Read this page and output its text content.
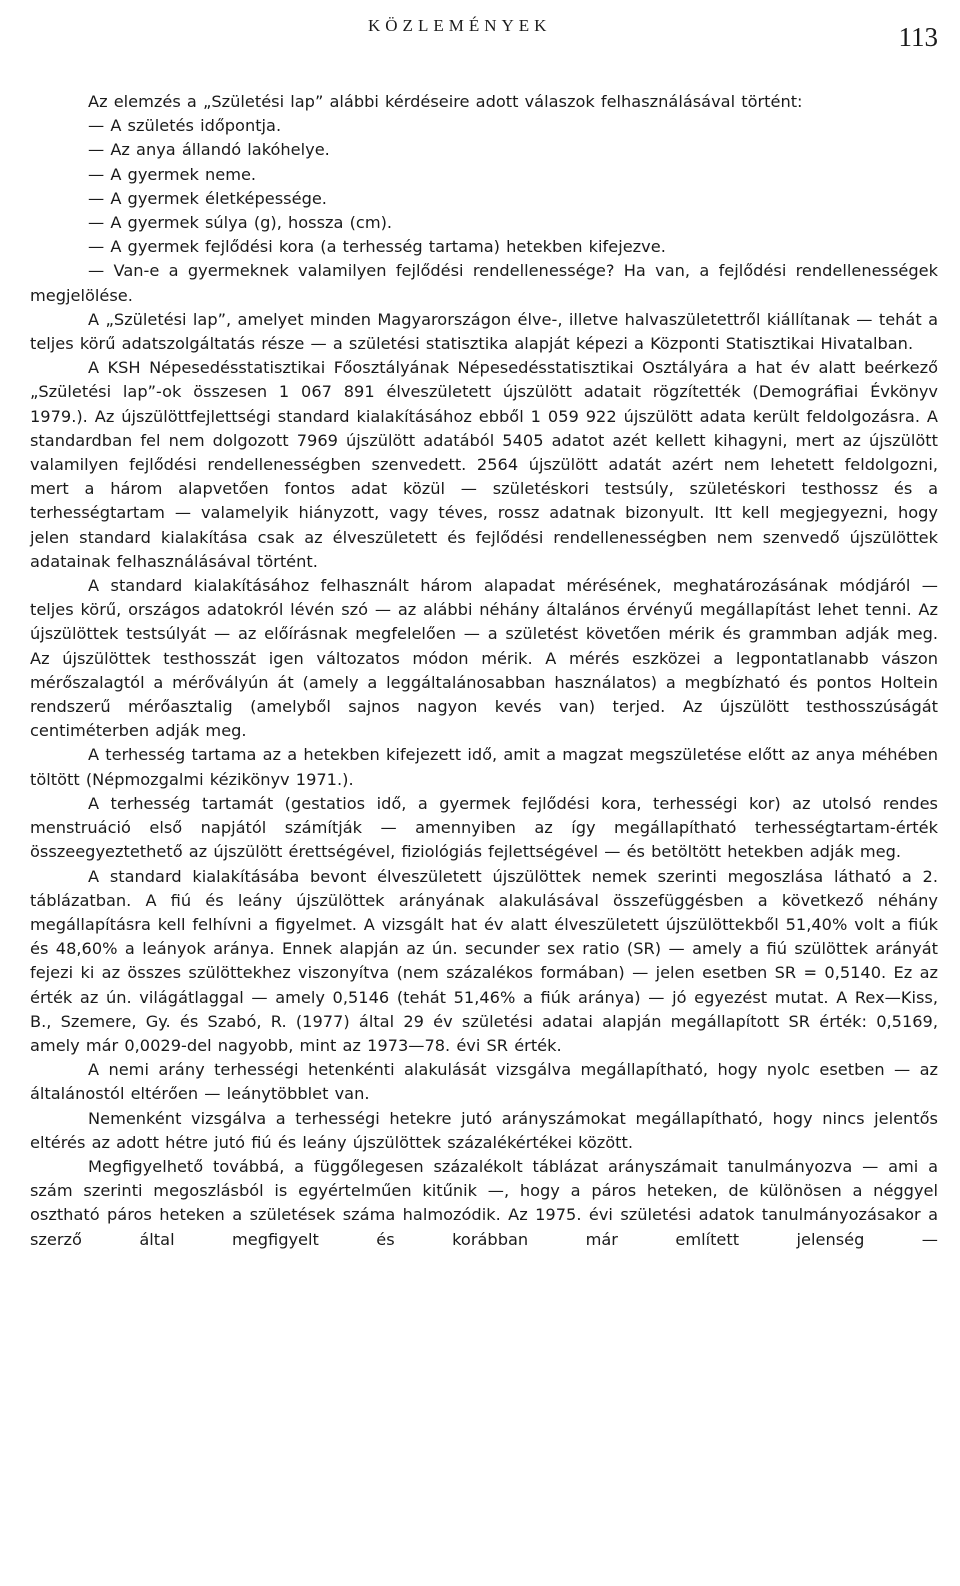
KÖZLEMÉNYEK	113

Az elemzés a „Születési lap” alábbi kérdéseire adott válaszok felhasználásával történt:

— A születés időpontja.
— Az anya állandó lakóhelye.
— A gyermek neme.
— A gyermek életképessége.
— A gyermek súlya (g), hossza (cm).
— A gyermek fejlődési kora (a terhesség tartama) hetekben kifejezve.
— Van-e a gyermeknek valamilyen fejlődési rendellenessége? Ha van, a fejlődési rendellenességek megjelölése.

A „Születési lap”, amelyet minden Magyarországon élve-, illetve halvaszületettről kiállítanak — tehát a teljes körű adatszolgáltatás része — a születési statisztika alapját képezi a Központi Statisztikai Hivatalban.

A KSH Népesedésstatisztikai Főosztályának Népesedésstatisztikai Osztályára a hat év alatt beérkező „Születési lap”-ok összesen 1 067 891 élveszületett újszülött adatait rögzítették (Demográfiai Évkönyv 1979.). Az újszülöttfejlettségi standard kialakításához ebből 1 059 922 újszülött adata került feldolgozásra. A standardban fel nem dolgozott 7969 újszülött adatából 5405 adatot azét kellett kihagyni, mert az újszülött valamilyen fejlődési rendellenességben szenvedett. 2564 újszülött adatát azért nem lehetett feldolgozni, mert a három alapvetően fontos adat közül — születéskori testsúly, születéskori testhossz és a terhességtartam — valamelyik hiányzott, vagy téves, rossz adatnak bizonyult. Itt kell megjegyezni, hogy jelen standard kialakítása csak az élveszületett és fejlődési rendellenességben nem szenvedő újszülöttek adatainak felhasználásával történt.

A standard kialakításához felhasznált három alapadat mérésének, meghatározásának módjáról — teljes körű, országos adatokról lévén szó — az alábbi néhány általános érvényű megállapítást lehet tenni. Az újszülöttek testsúlyát — az előírásnak megfelelően — a születést követően mérik és grammban adják meg. Az újszülöttek testhosszát igen változatos módon mérik. A mérés eszközei a legpontatlanabb vászon mérőszalagtól a mérővályún át (amely a leggáltalánosabban használatos) a megbízható és pontos Holtein rendszerű mérőasztalig (amelyből sajnos nagyon kevés van) terjed. Az újszülött testhosszúságát centiméterben adják meg.

A terhesség tartama az a hetekben kifejezett idő, amit a magzat megszületése előtt az anya méhében töltött (Népmozgalmi kézikönyv 1971.).

A terhesség tartamát (gestatios idő, a gyermek fejlődési kora, terhességi kor) az utolsó rendes menstruáció első napjától számítják — amennyiben az így megállapítható terhességtartam-érték összeegyeztethető az újszülött érettségével, fiziológiás fejlettségével — és betöltött hetekben adják meg.

A standard kialakításába bevont élveszületett újszülöttek nemek szerinti megoszlása látható a 2. táblázatban. A fiú és leány újszülöttek arányának alakulásával összefüggésben a következő néhány megállapításra kell felhívni a figyelmet. A vizsgált hat év alatt élveszületett újszülöttekből 51,40% volt a fiúk és 48,60% a leányok aránya. Ennek alapján az ún. secunder sex ratio (SR) — amely a fiú szülöttek arányát fejezi ki az összes szülöttekhez viszonyítva (nem százalékos formában) — jelen esetben SR = 0,5140. Ez az érték az ún. világátlaggal — amely 0,5146 (tehát 51,46% a fiúk aránya) — jó egyezést mutat. A Rex—Kiss, B., Szemere, Gy. és Szabó, R. (1977) által 29 év születési adatai alapján megállapított SR érték: 0,5169, amely már 0,0029-del nagyobb, mint az 1973—78. évi SR érték.

A nemi arány terhességi hetenkénti alakulását vizsgálva megállapítható, hogy nyolc esetben — az általánostól eltérően — leánytöbblet van.

Nemenként vizsgálva a terhességi hetekre jutó arányszámokat megállapítható, hogy nincs jelentős eltérés az adott hétre jutó fiú és leány újszülöttek százalékértékei között.

Megfigyelhető továbbá, a függőlegesen százalékolt táblázat arányszámait tanulmányozva — ami a szám szerinti megoszlásból is egyértelműen kitűnik —, hogy a páros heteken, de különösen a néggyel osztható páros heteken a születések száma halmozódik. Az 1975. évi születési adatok tanulmányozásakor a szerző által megfigyelt és korábban már említett jelenség —
